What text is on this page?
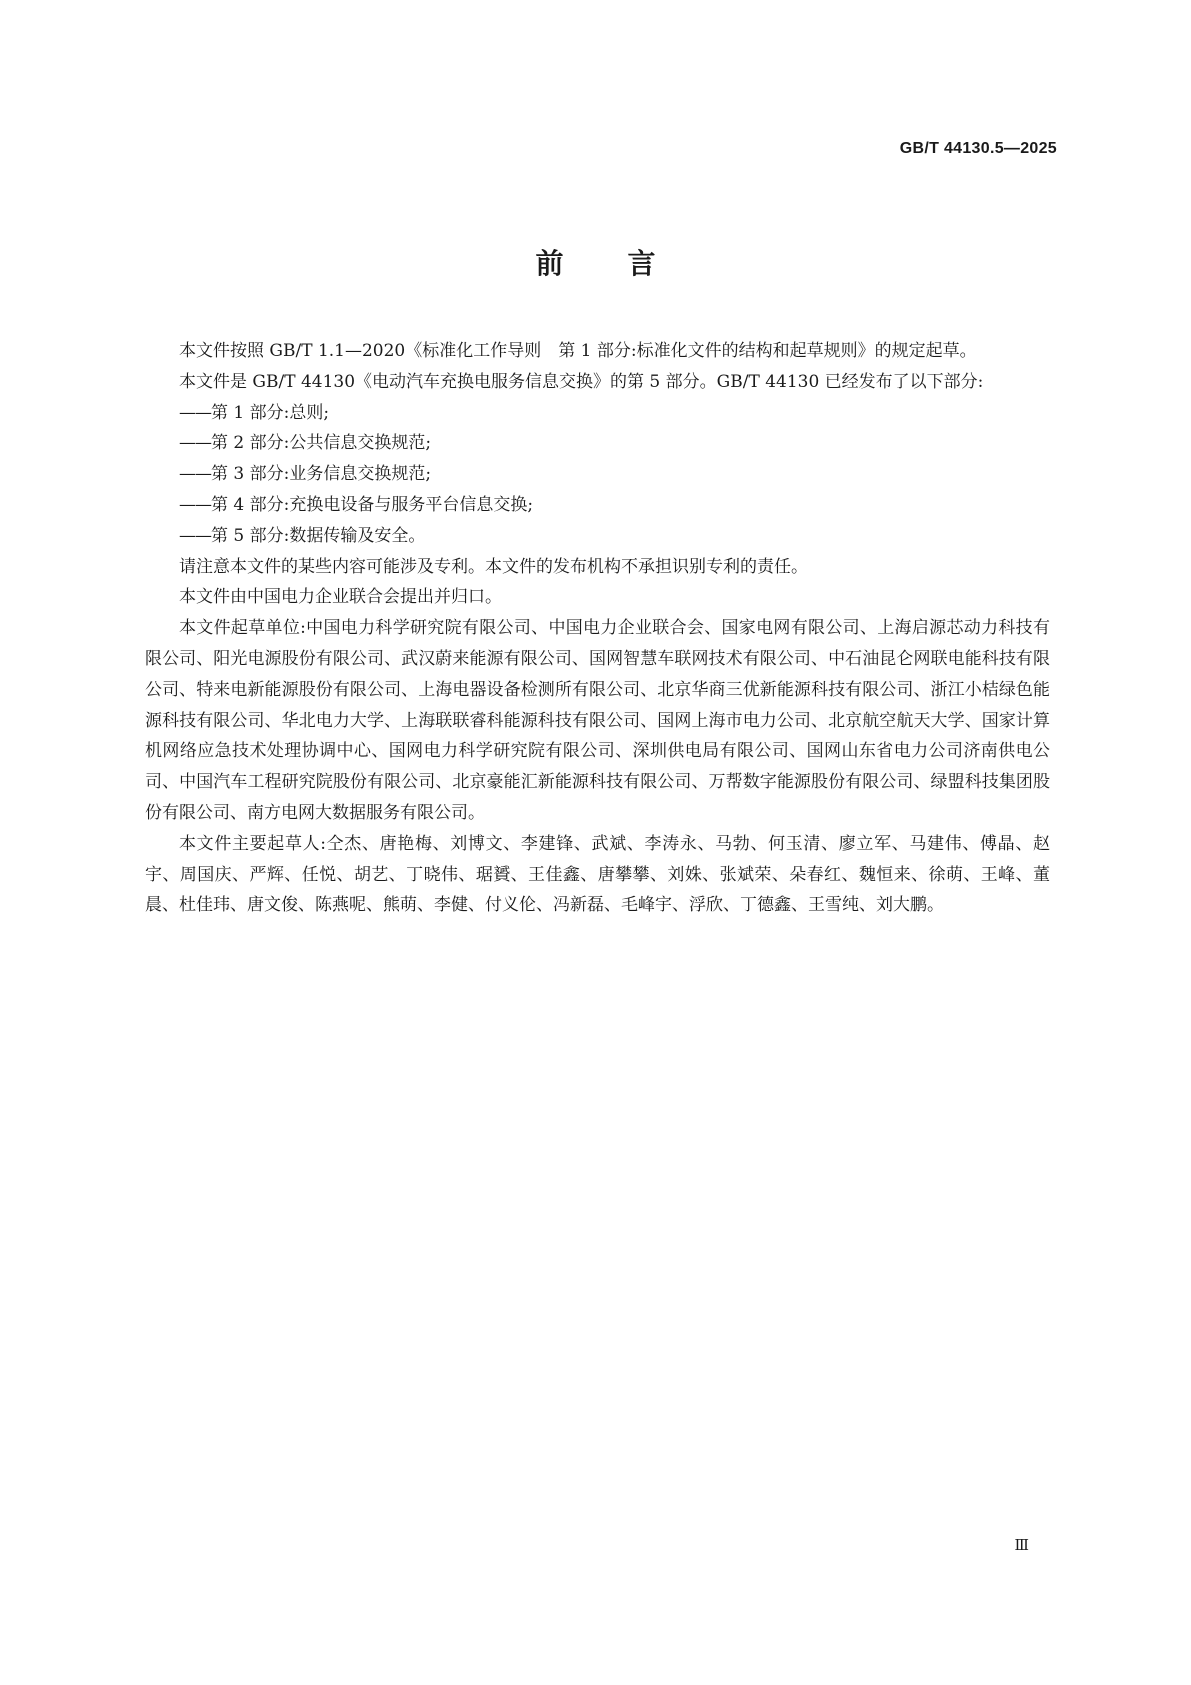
GB/T 44130.5—2025
前言

本文件按照 GB/T 1.1—2020《标准化工作导则　第 1 部分:标准化文件的结构和起草规则》的规定起草。

本文件是 GB/T 44130《电动汽车充换电服务信息交换》的第 5 部分。GB/T 44130 已经发布了以下部分:

——第 1 部分:总则;
——第 2 部分:公共信息交换规范;
——第 3 部分:业务信息交换规范;
——第 4 部分:充换电设备与服务平台信息交换;
——第 5 部分:数据传输及安全。

请注意本文件的某些内容可能涉及专利。本文件的发布机构不承担识别专利的责任。

本文件由中国电力企业联合会提出并归口。

本文件起草单位:中国电力科学研究院有限公司、中国电力企业联合会、国家电网有限公司、上海启源芯动力科技有限公司、阳光电源股份有限公司、武汉蔚来能源有限公司、国网智慧车联网技术有限公司、中石油昆仑网联电能科技有限公司、特来电新能源股份有限公司、上海电器设备检测所有限公司、北京华商三优新能源科技有限公司、浙江小桔绿色能源科技有限公司、华北电力大学、上海联联睿科能源科技有限公司、国网上海市电力公司、北京航空航天大学、国家计算机网络应急技术处理协调中心、国网电力科学研究院有限公司、深圳供电局有限公司、国网山东省电力公司济南供电公司、中国汽车工程研究院股份有限公司、北京豪能汇新能源科技有限公司、万帮数字能源股份有限公司、绿盟科技集团股份有限公司、南方电网大数据服务有限公司。

本文件主要起草人:仝杰、唐艳梅、刘博文、李建锋、武斌、李涛永、马勃、何玉清、廖立军、马建伟、傅晶、赵宇、周国庆、严辉、任悦、胡艺、丁晓伟、琚贇、王佳鑫、唐攀攀、刘姝、张斌荣、朵春红、魏恒来、徐萌、王峰、董晨、杜佳玮、唐文俊、陈燕呢、熊萌、李健、付义伦、冯新磊、毛峰宇、浮欣、丁德鑫、王雪纯、刘大鹏。

Ⅲ
